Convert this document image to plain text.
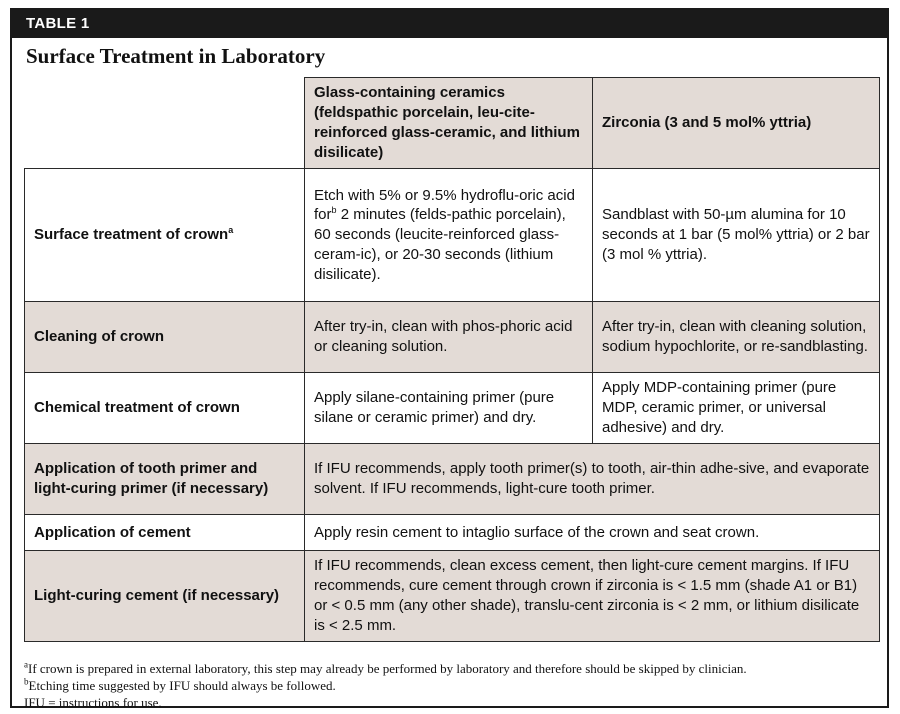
TABLE 1
Surface Treatment in Laboratory
	Glass-containing ceramics (feldspathic porcelain, leu-cite-reinforced glass-ceramic, and lithium disilicate)	Zirconia (3 and 5 mol% yttria)
Surface treatment of crown$^a$	Etch with 5% or 9.5% hydroflu-oric acid for$^b$ 2 minutes (felds-pathic porcelain), 60 seconds (leucite-reinforced glass-ceram-ic), or 20-30 seconds (lithium disilicate).	Sandblast with 50-µm alumina for 10 seconds at 1 bar (5 mol% yttria) or 2 bar (3 mol % yttria).
Cleaning of crown	After try-in, clean with phos-phoric acid or cleaning solution.	After try-in, clean with cleaning solution, sodium hypochlorite, or re-sandblasting.
Chemical treatment of crown	Apply silane-containing primer (pure silane or ceramic primer) and dry.	Apply MDP-containing primer (pure MDP, ceramic primer, or universal adhesive) and dry.
Application of tooth primer and light-curing primer (if necessary)	If IFU recommends, apply tooth primer(s) to tooth, air-thin adhe-sive, and evaporate solvent. If IFU recommends, light-cure tooth primer.	
Application of cement	Apply resin cement to intaglio surface of the crown and seat crown.	
Light-curing cement (if necessary)	If IFU recommends, clean excess cement, then light-cure cement margins. If IFU recommends, cure cement through crown if zirconia is < 1.5 mm (shade A1 or B1) or < 0.5 mm (any other shade), translu-cent zirconia is < 2 mm, or lithium disilicate is < 2.5 mm.	
$^a$If crown is prepared in external laboratory, this step may already be performed by laboratory and therefore should be skipped by clinician.
$^b$Etching time suggested by IFU should always be followed.
IFU = instructions for use.
